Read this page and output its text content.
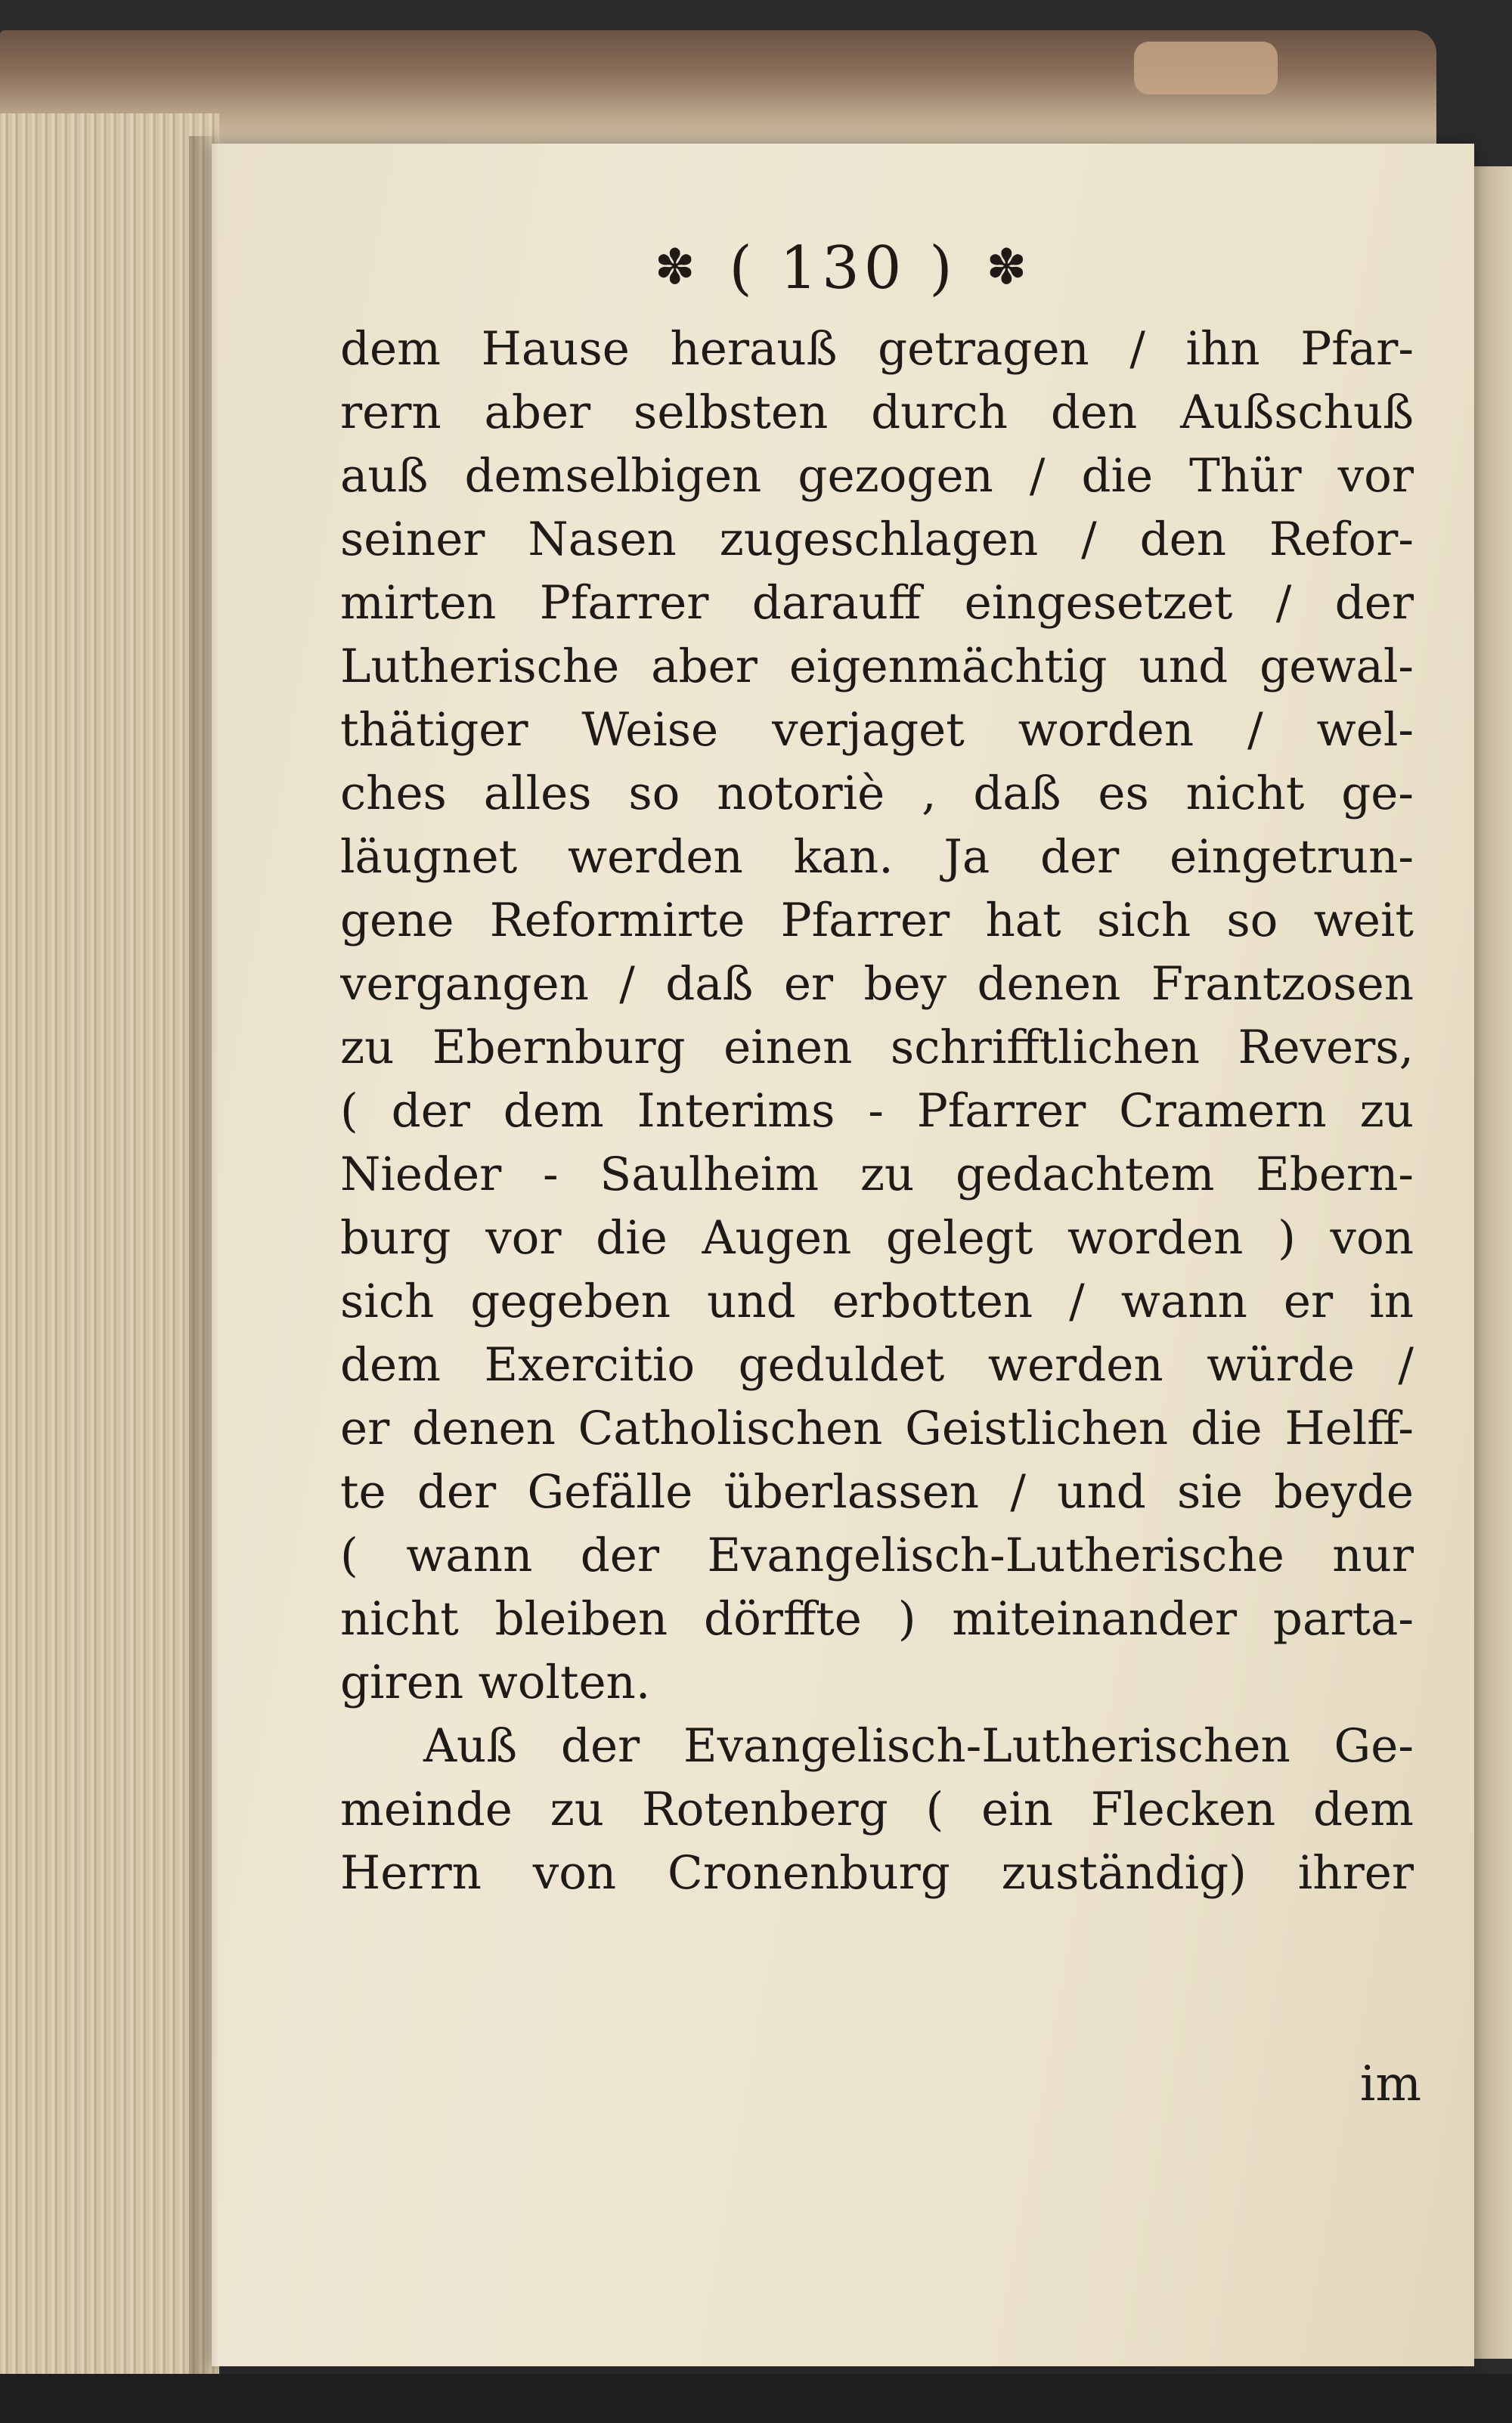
✽ ( 130 ) ✽
dem Hause herauß getragen / ihn Pfar-
rern aber selbsten durch den Außschuß
auß demselbigen gezogen / die Thür vor
seiner Nasen zugeschlagen / den Refor-
mirten Pfarrer darauff eingesetzet / der
Lutherische aber eigenmächtig und gewal-
thätiger Weise verjaget worden / wel-
ches alles so notoriè , daß es nicht ge-
läugnet werden kan. Ja der eingetrun-
gene Reformirte Pfarrer hat sich so weit
vergangen / daß er bey denen Frantzosen
zu Ebernburg einen schrifftlichen Revers,
( der dem Interims - Pfarrer Cramern zu
Nieder - Saulheim zu gedachtem Ebern-
burg vor die Augen gelegt worden ) von
sich gegeben und erbotten / wann er in
dem Exercitio geduldet werden würde /
er denen Catholischen Geistlichen die Helff-
te der Gefälle überlassen / und sie beyde
( wann der Evangelisch-Lutherische nur
nicht bleiben dörffte ) miteinander parta-
giren wolten.
Auß der Evangelisch-Lutherischen Ge-
meinde zu Rotenberg ( ein Flecken dem
Herrn von Cronenburg zuständig) ihrer
im
